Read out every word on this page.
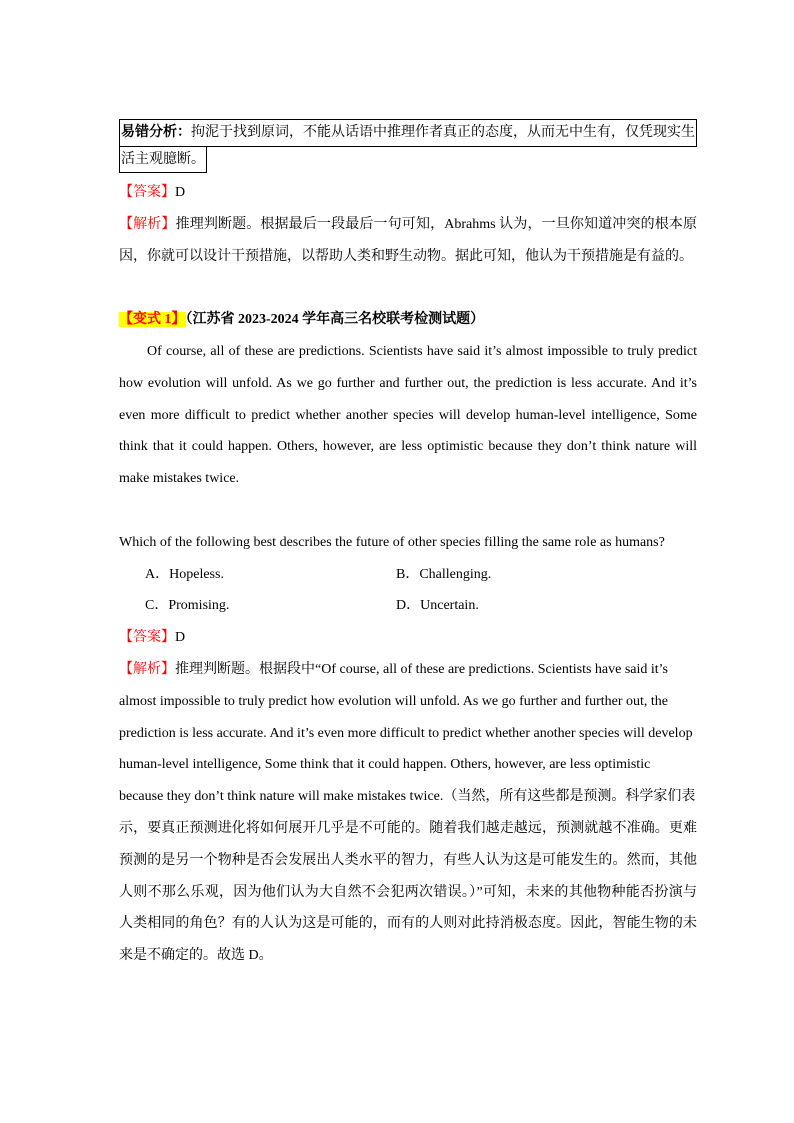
易错分析：拘泥于找到原词，不能从话语中推理作者真正的态度，从而无中生有，仅凭现实生
活主观臆断。
【答案】D
【解析】推理判断题。根据最后一段最后一句可知，Abrahms 认为，一旦你知道冲突的根本原
因，你就可以设计干预措施，以帮助人类和野生动物。据此可知，他认为干预措施是有益的。
【变式 1】（江苏省 2023-2024 学年高三名校联考检测试题）
Of course, all of these are predictions. Scientists have said it’s almost impossible to truly predict
how evolution will unfold. As we go further and further out, the prediction is less accurate. And it’s
even more difficult to predict whether another species will develop human-level intelligence, Some
think that it could happen. Others, however, are less optimistic because they don’t think nature will
make mistakes twice.
Which of the following best describes the future of other species filling the same role as humans?
A．Hopeless.	B．Challenging.
C．Promising.	D．Uncertain.
【答案】D
【解析】推理判断题。根据段中“Of course, all of these are predictions. Scientists have said it’s
almost impossible to truly predict how evolution will unfold. As we go further and further out, the
prediction is less accurate. And it’s even more difficult to predict whether another species will develop
human-level intelligence, Some think that it could happen. Others, however, are less optimistic
because they don’t think nature will make mistakes twice.（当然，所有这些都是预测。科学家们表
示，要真正预测进化将如何展开几乎是不可能的。随着我们越走越远，预测就越不准确。更难
预测的是另一个物种是否会发展出人类水平的智力，有些人认为这是可能发生的。然而，其他
人则不那么乐观，因为他们认为大自然不会犯两次错误。）”可知，未来的其他物种能否扮演与
人类相同的角色？有的人认为这是可能的，而有的人则对此持消极态度。因此，智能生物的未
来是不确定的。故选 D。
